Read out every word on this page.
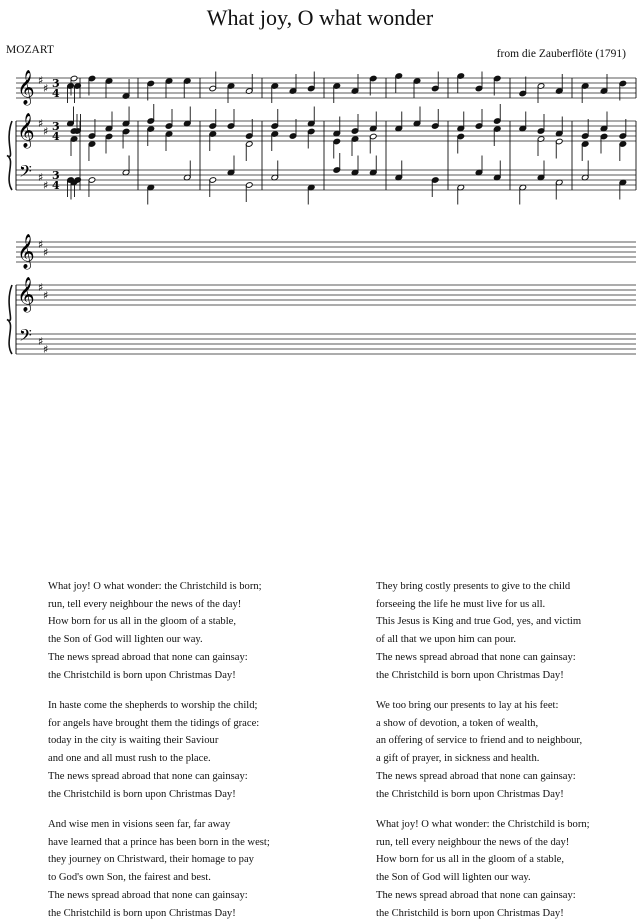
What joy, O what wonder
MOZART	from die Zauberflöte (1791)
𝄞
𝄞
𝄢
♯
♯
♯
♯
♯
♯
3
3
3
4
4
4
𝄞
𝄞
𝄢
♯
♯
♯
♯
♯
♯
What joy! O what wonder: the Christchild is born;
run, tell every neighbour the news of the day!
How born for us all in the gloom of a stable,
the Son of God will lighten our way.
The news spread abroad that none can gainsay:
the Christchild is born upon Christmas Day!
In haste come the shepherds to worship the child;
for angels have brought them the tidings of grace:
today in the city is waiting their Saviour
and one and all must rush to the place.
The news spread abroad that none can gainsay:
the Christchild is born upon Christmas Day!
And wise men in visions seen far, far away
have learned that a prince has been born in the west;
they journey on Christward, their homage to pay
to God's own Son, the fairest and best.
The news spread abroad that none can gainsay:
the Christchild is born upon Christmas Day!
They bring costly presents to give to the child
forseeing the life he must live for us all.
This Jesus is King and true God, yes, and victim
of all that we upon him can pour.
The news spread abroad that none can gainsay:
the Christchild is born upon Christmas Day!
We too bring our presents to lay at his feet:
a show of devotion, a token of wealth,
an offering of service to friend and to neighbour,
a gift of prayer, in sickness and health.
The news spread abroad that none can gainsay:
the Christchild is born upon Christmas Day!
What joy! O what wonder: the Christchild is born;
run, tell every neighbour the news of the day!
How born for us all in the gloom of a stable,
the Son of God will lighten our way.
The news spread abroad that none can gainsay:
the Christchild is born upon Christmas Day!
